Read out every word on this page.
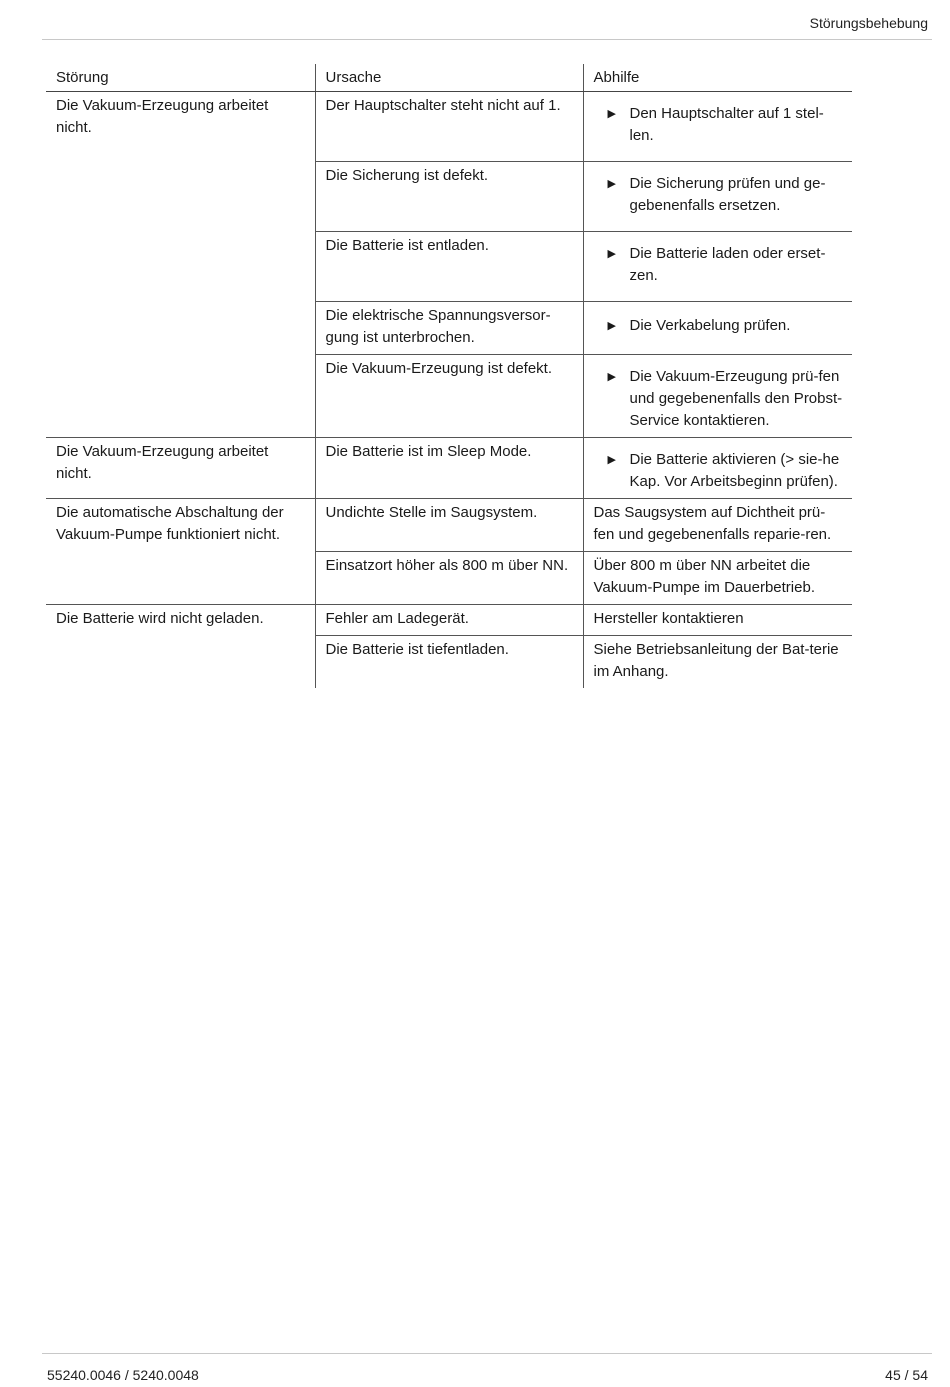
Störungsbehebung
Störung	Ursache	Abhilfe
Die Vakuum-Erzeugung arbeitet nicht.	Der Hauptschalter steht nicht auf 1.	▶ Den Hauptschalter auf 1 stel-len.

	Die Sicherung ist defekt.	▶ Die Sicherung prüfen und ge-gebenenfalls ersetzen.

	Die Batterie ist entladen.	▶ Die Batterie laden oder erset-zen.

	Die elektrische Spannungsversor-gung ist unterbrochen.	▶ Die Verkabelung prüfen.

	Die Vakuum-Erzeugung ist defekt.	▶ Die Vakuum-Erzeugung prü-fen und gegebenenfalls den Probst-Service kontaktieren.

Die Vakuum-Erzeugung arbeitet nicht.	Die Batterie ist im Sleep Mode.	▶ Die Batterie aktivieren (> sie-he Kap. Vor Arbeitsbeginn prüfen).

Die automatische Abschaltung der Vakuum-Pumpe funktioniert nicht.	Undichte Stelle im Saugsystem.	Das Saugsystem auf Dichtheit prü-fen und gegebenenfalls reparie-ren.
	Einsatzort höher als 800 m über NN.	Über 800 m über NN arbeitet die Vakuum-Pumpe im Dauerbetrieb.
Die Batterie wird nicht geladen.	Fehler am Ladegerät.	Hersteller kontaktieren
	Die Batterie ist tiefentladen.	Siehe Betriebsanleitung der Bat-terie im Anhang.
55240.0046 / 5240.0048	45 / 54
